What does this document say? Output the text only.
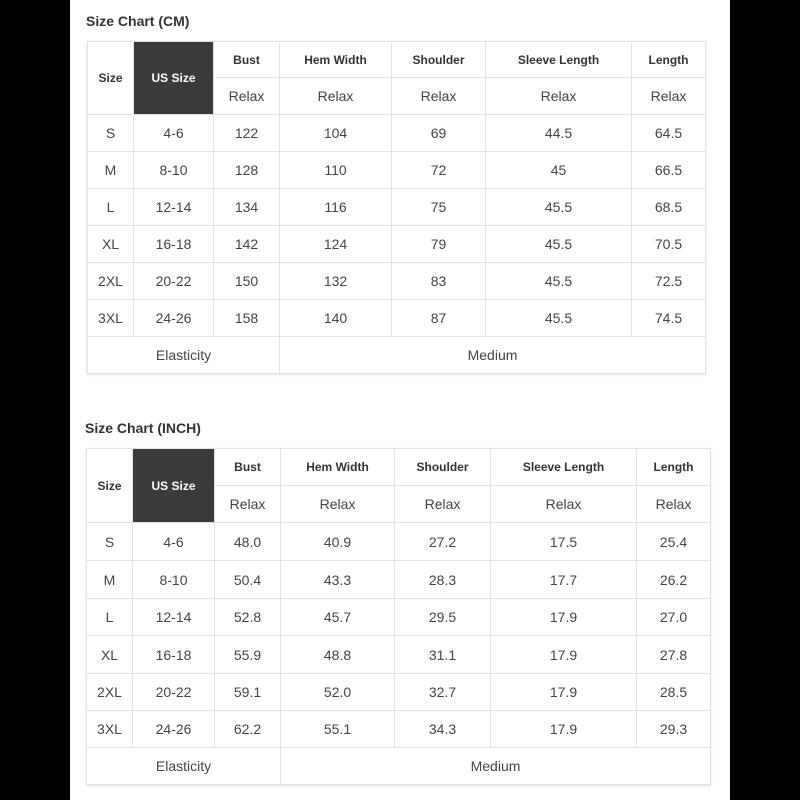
Size Chart (CM)
Size	US Size	Bust	Hem Width	Shoulder	Sleeve Length	Length
		Relax	Relax	Relax	Relax	Relax
S	4-6	122	104	69	44.5	64.5
M	8-10	128	110	72	45	66.5
L	12-14	134	116	75	45.5	68.5
XL	16-18	142	124	79	45.5	70.5
2XL	20-22	150	132	83	45.5	72.5
3XL	24-26	158	140	87	45.5	74.5
Elasticity			Medium			
Size Chart (INCH)
Size	US Size	Bust	Hem Width	Shoulder	Sleeve Length	Length
		Relax	Relax	Relax	Relax	Relax
S	4-6	48.0	40.9	27.2	17.5	25.4
M	8-10	50.4	43.3	28.3	17.7	26.2
L	12-14	52.8	45.7	29.5	17.9	27.0
XL	16-18	55.9	48.8	31.1	17.9	27.8
2XL	20-22	59.1	52.0	32.7	17.9	28.5
3XL	24-26	62.2	55.1	34.3	17.9	29.3
Elasticity			Medium			
